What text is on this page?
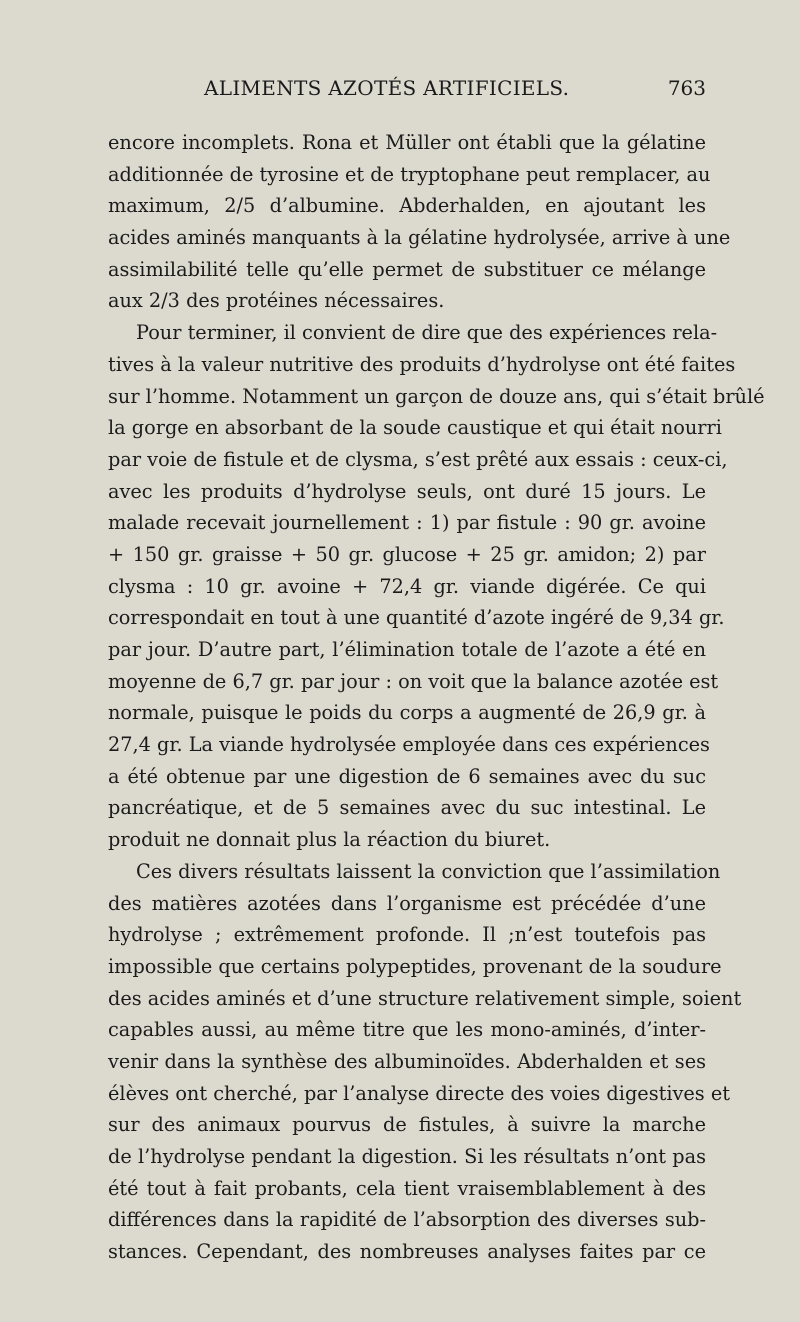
ALIMENTS AZOTÉS ARTIFICIELS.	763
encore incomplets. Rona et Müller ont établi que la gélatine
additionnée de tyrosine et de tryptophane peut remplacer, au
maximum, 2/5 d’albumine. Abderhalden, en ajoutant les
acides aminés manquants à la gélatine hydrolysée, arrive à une
assimilabilité telle qu’elle permet de substituer ce mélange
aux 2/3 des protéines nécessaires.
Pour terminer, il convient de dire que des expériences rela-
tives à la valeur nutritive des produits d’hydrolyse ont été faites
sur l’homme. Notamment un garçon de douze ans, qui s’était brûlé
la gorge en absorbant de la soude caustique et qui était nourri
par voie de fistule et de clysma, s’est prêté aux essais : ceux-ci,
avec les produits d’hydrolyse seuls, ont duré 15 jours. Le
malade recevait journellement : 1) par fistule : 90 gr. avoine
+ 150 gr. graisse + 50 gr. glucose + 25 gr. amidon; 2) par
clysma : 10 gr. avoine + 72,4 gr. viande digérée. Ce qui
correspondait en tout à une quantité d’azote ingéré de 9,34 gr.
par jour. D’autre part, l’élimination totale de l’azote a été en
moyenne de 6,7 gr. par jour : on voit que la balance azotée est
normale, puisque le poids du corps a augmenté de 26,9 gr. à
27,4 gr. La viande hydrolysée employée dans ces expériences
a été obtenue par une digestion de 6 semaines avec du suc
pancréatique, et de 5 semaines avec du suc intestinal. Le
produit ne donnait plus la réaction du biuret.
Ces divers résultats laissent la conviction que l’assimilation
des matières azotées dans l’organisme est précédée d’une
hydrolyse ; extrêmement profonde. Il ;n’est toutefois pas
impossible que certains polypeptides, provenant de la soudure
des acides aminés et d’une structure relativement simple, soient
capables aussi, au même titre que les mono-aminés, d’inter-
venir dans la synthèse des albuminoïdes. Abderhalden et ses
élèves ont cherché, par l’analyse directe des voies digestives et
sur des animaux pourvus de fistules, à suivre la marche
de l’hydrolyse pendant la digestion. Si les résultats n’ont pas
été tout à fait probants, cela tient vraisemblablement à des
différences dans la rapidité de l’absorption des diverses sub-
stances. Cependant, des nombreuses analyses faites par ce
